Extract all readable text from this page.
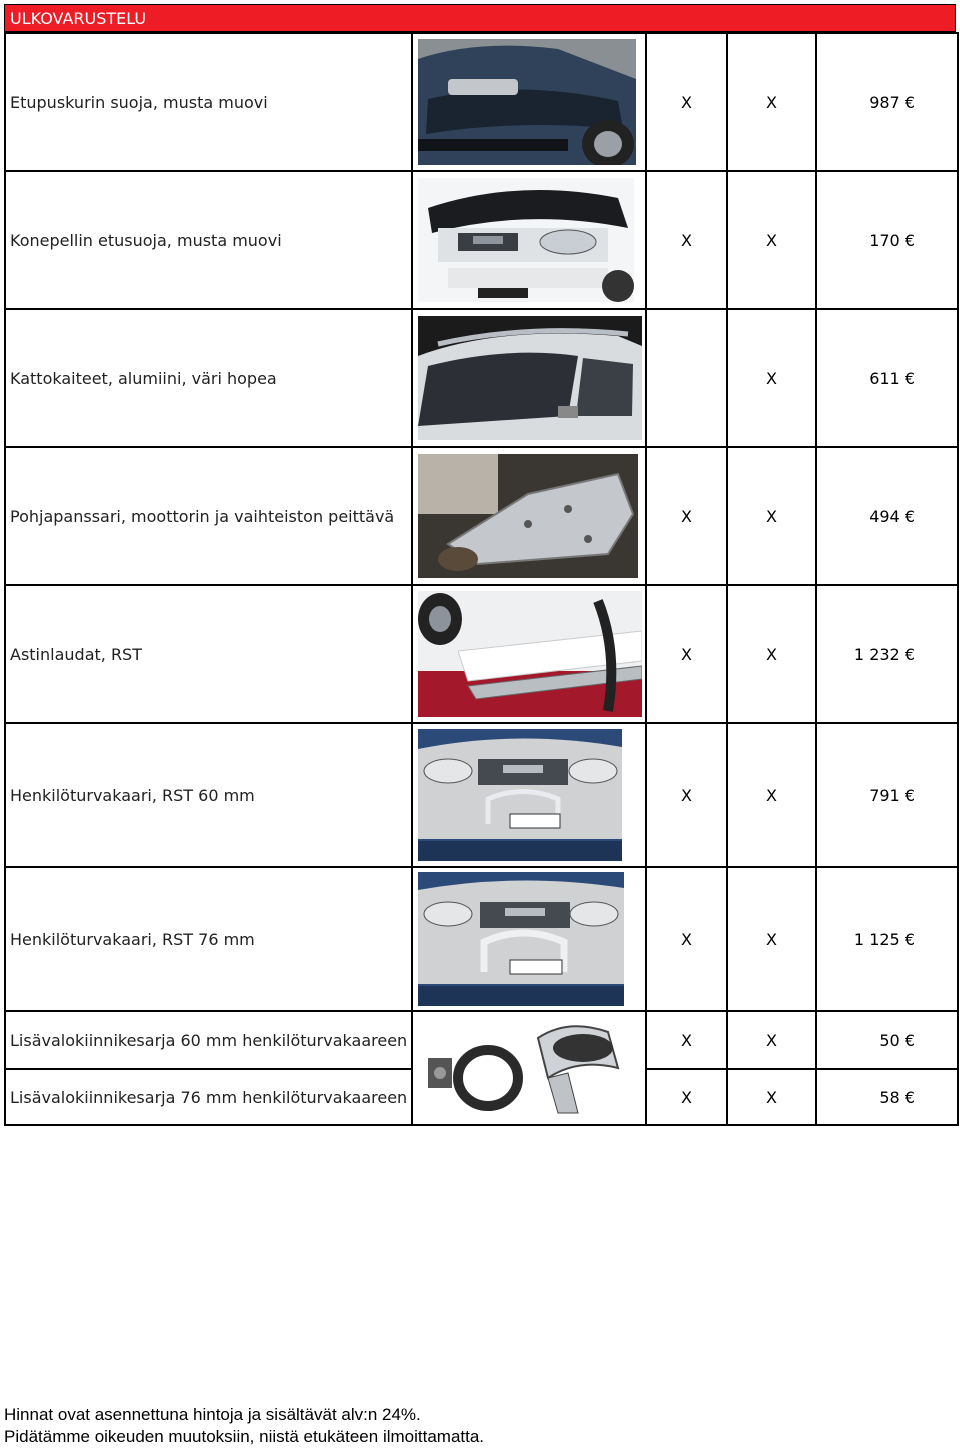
ULKOVARUSTELU
Etupuskurin suoja, musta muovi		X	X	987 €
Konepellin etusuoja, musta muovi		X	X	170 €
Kattokaiteet, alumiini, väri hopea			X	611 €
Pohjapanssari, moottorin ja vaihteiston peittävä		X	X	494 €
Astinlaudat, RST		X	X	1 232 €
Henkilöturvakaari, RST 60 mm		X	X	791 €
Henkilöturvakaari, RST 76 mm		X	X	1 125 €
Lisävalokiinnikesarja 60 mm henkilöturvakaareen		X	X	50 €
Lisävalokiinnikesarja 76 mm henkilöturvakaareen		X	X	58 €
Hinnat ovat asennettuna hintoja ja sisältävät alv:n 24%.
Pidätämme oikeuden muutoksiin, niistä etukäteen ilmoittamatta.
